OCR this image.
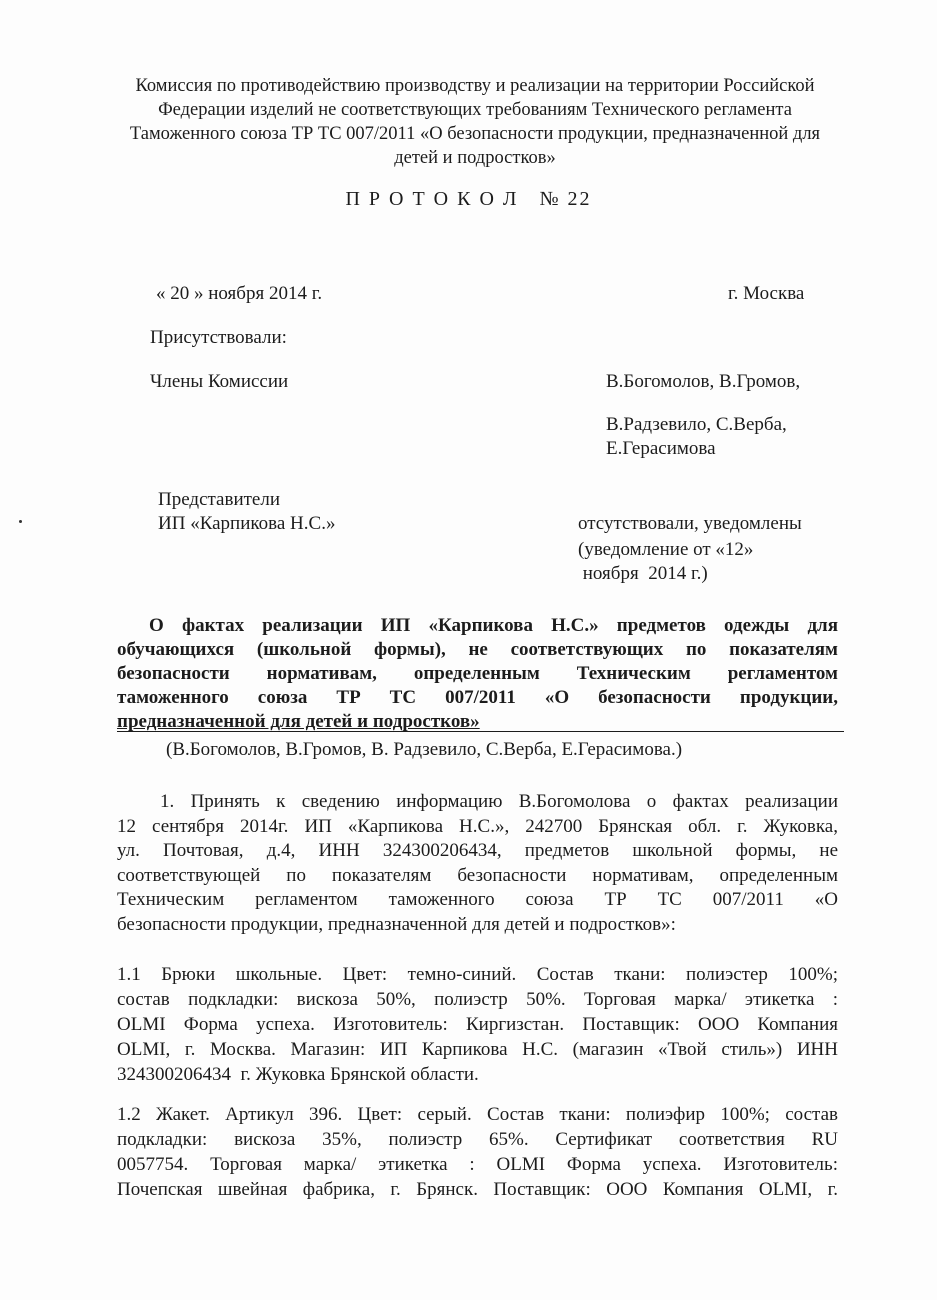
Комиссия по противодействию производству и реализации на территории Российской
Федерации изделий не соответствующих требованиям Технического регламента
Таможенного союза ТР ТС 007/2011 «О безопасности продукции, предназначенной для
детей и подростков»
П Р О Т О К О Л   № 22
« 20 » ноября 2014 г.	г. Москва
Присутствовали:
Члены Комиссии	В.Богомолов, В.Громов,
В.Радзевило, С.Верба,
Е.Герасимова
Представители
ИП «Карпикова Н.С.»	отсутствовали, уведомлены
(уведомление от «12»
ноября  2014 г.)
О фактах реализации ИП «Карпикова Н.С.» предметов одежды для
обучающихся (школьной формы), не соответствующих по показателям
безопасности нормативам, определенным Техническим регламентом
таможенного союза ТР ТС 007/2011 «О безопасности продукции,
предназначенной для детей и подростков»
(В.Богомолов, В.Громов, В. Радзевило, С.Верба, Е.Герасимова.)
1. Принять к сведению информацию В.Богомолова о фактах реализации
12 сентября 2014г. ИП «Карпикова Н.С.», 242700 Брянская обл. г. Жуковка,
ул. Почтовая, д.4, ИНН 324300206434, предметов школьной формы, не
соответствующей по показателям безопасности нормативам, определенным
Техническим регламентом таможенного союза ТР ТС 007/2011 «О
безопасности продукции, предназначенной для детей и подростков»:
1.1 Брюки школьные. Цвет: темно-синий. Состав ткани: полиэстер 100%;
состав подкладки: вискоза 50%, полиэстр 50%. Торговая марка/ этикетка :
OLMI Форма успеха. Изготовитель: Киргизстан. Поставщик: ООО Компания
OLMI, г. Москва. Магазин: ИП Карпикова Н.С. (магазин «Твой стиль») ИНН
324300206434  г. Жуковка Брянской области.
1.2 Жакет. Артикул 396. Цвет: серый. Состав ткани: полиэфир 100%; состав
подкладки: вискоза 35%, полиэстр 65%. Сертификат соответствия RU
0057754. Торговая марка/ этикетка : OLMI Форма успеха. Изготовитель:
Почепская швейная фабрика, г. Брянск. Поставщик: ООО Компания OLMI, г.
